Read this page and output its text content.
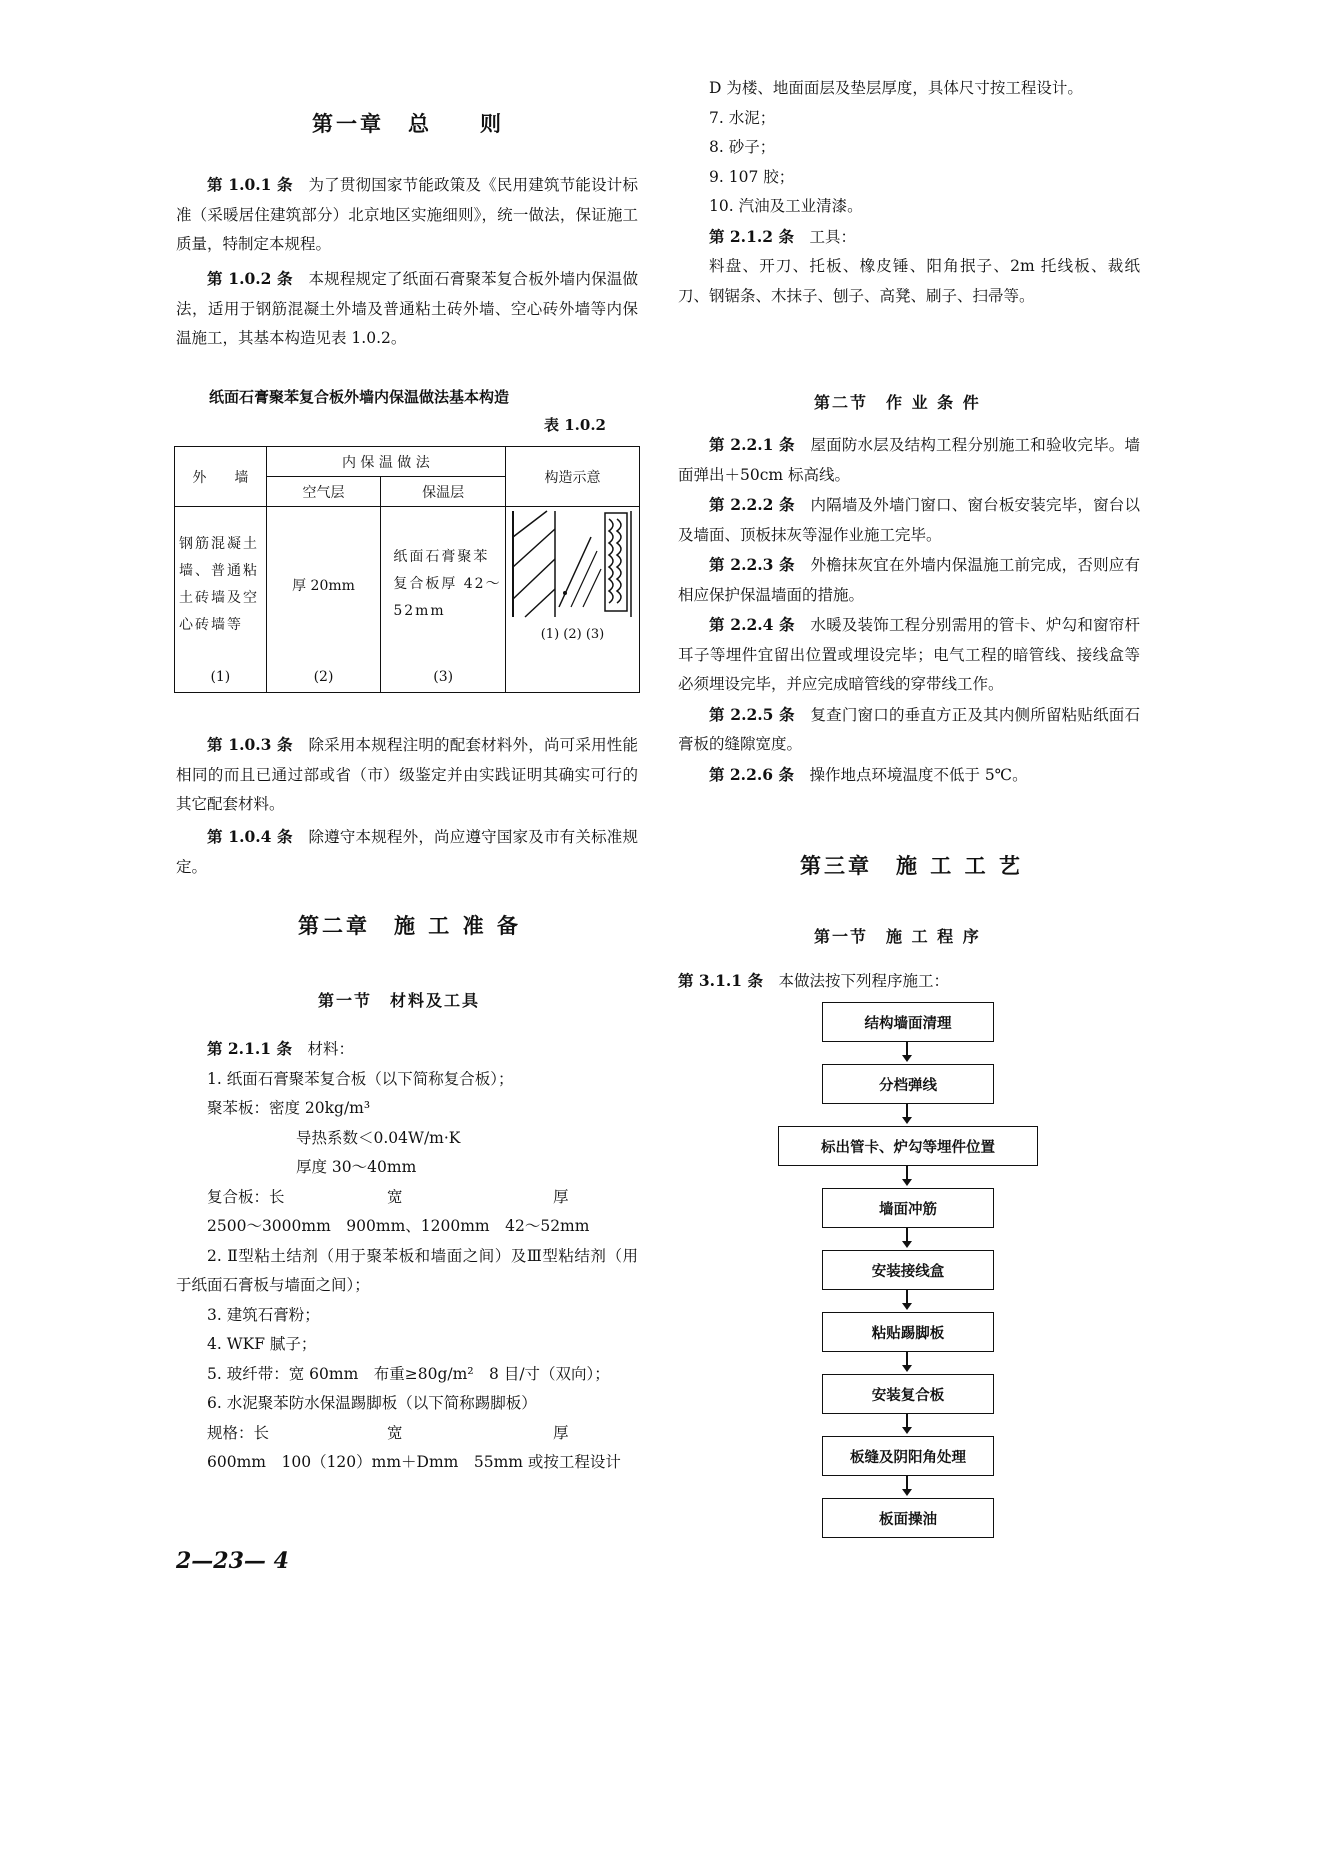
第一章　总　　则

第 1.0.1 条　 为了贯彻国家节能政策及《民用建筑节能设计标准（采暖居住建筑部分）北京地区实施细则》，统一做法，保证施工质量，特制定本规程。

第 1.0.2 条　 本规程规定了纸面石膏聚苯复合板外墙内保温做法，适用于钢筋混凝土外墙及普通粘土砖外墙、空心砖外墙等内保温施工，其基本构造见表 1.0.2。

纸面石膏聚苯复合板外墙内保温做法基本构造
表 1.0.2
外　　墙	内 保 温 做 法		构造示意
	空气层	保温层	

钢筋混凝土墙、普通粘土砖墙及空心砖墙等	厚 20mm	纸面石膏聚苯复合板厚 42～52mm	(1) (2) (3)

(1)	(2)	(3)	

第 1.0.3 条　 除采用本规程注明的配套材料外，尚可采用性能相同的而且已通过部或省（市）级鉴定并由实践证明其确实可行的其它配套材料。

第 1.0.4 条　 除遵守本规程外，尚应遵守国家及市有关标准规定。

第二章　施 工 准 备
第一节　材料及工具

第 2.1.1 条　 材料：

1. 纸面石膏聚苯复合板（以下简称复合板）；

聚苯板：密度 20kg/m³

导热系数＜0.04W/m·K

厚度 30～40mm

复合板：长	宽	厚

2500～3000mm　900mm、1200mm　42～52mm

2. Ⅱ型粘土结剂（用于聚苯板和墙面之间）及Ⅲ型粘结剂（用于纸面石膏板与墙面之间）；

3. 建筑石膏粉；

4. WKF 腻子；

5. 玻纤带：宽 60mm　布重≥80g/m²　8 目/寸（双向）；

6. 水泥聚苯防水保温踢脚板（以下简称踢脚板）

规格：长	宽	厚

600mm　100（120）mm＋Dmm　55mm 或按工程设计

2—23— 4

D 为楼、地面面层及垫层厚度，具体尺寸按工程设计。

7. 水泥；

8. 砂子；

9. 107 胶；

10. 汽油及工业清漆。

第 2.1.2 条　 工具：

料盘、开刀、托板、橡皮锤、阳角抿子、2m 托线板、裁纸刀、钢锯条、木抹子、刨子、高凳、刷子、扫帚等。

第二节　作 业 条 件

第 2.2.1 条　 屋面防水层及结构工程分别施工和验收完毕。墙面弹出＋50cm 标高线。

第 2.2.2 条　 内隔墙及外墙门窗口、窗台板安装完毕，窗台以及墙面、顶板抹灰等湿作业施工完毕。

第 2.2.3 条　 外檐抹灰宜在外墙内保温施工前完成，否则应有相应保护保温墙面的措施。

第 2.2.4 条　 水暖及装饰工程分别需用的管卡、炉勾和窗帘杆耳子等埋件宜留出位置或埋设完毕；电气工程的暗管线、接线盒等必须埋设完毕，并应完成暗管线的穿带线工作。

第 2.2.5 条　 复查门窗口的垂直方正及其内侧所留粘贴纸面石膏板的缝隙宽度。

第 2.2.6 条　 操作地点环境温度不低于 5℃。

第三章　施 工 工 艺
第一节　施 工 程 序

第 3.1.1 条　 本做法按下列程序施工：

结构墙面清理
分档弹线
标出管卡、炉勾等埋件位置
墙面冲筋
安装接线盒
粘贴踢脚板
安装复合板
板缝及阴阳角处理
板面操油
